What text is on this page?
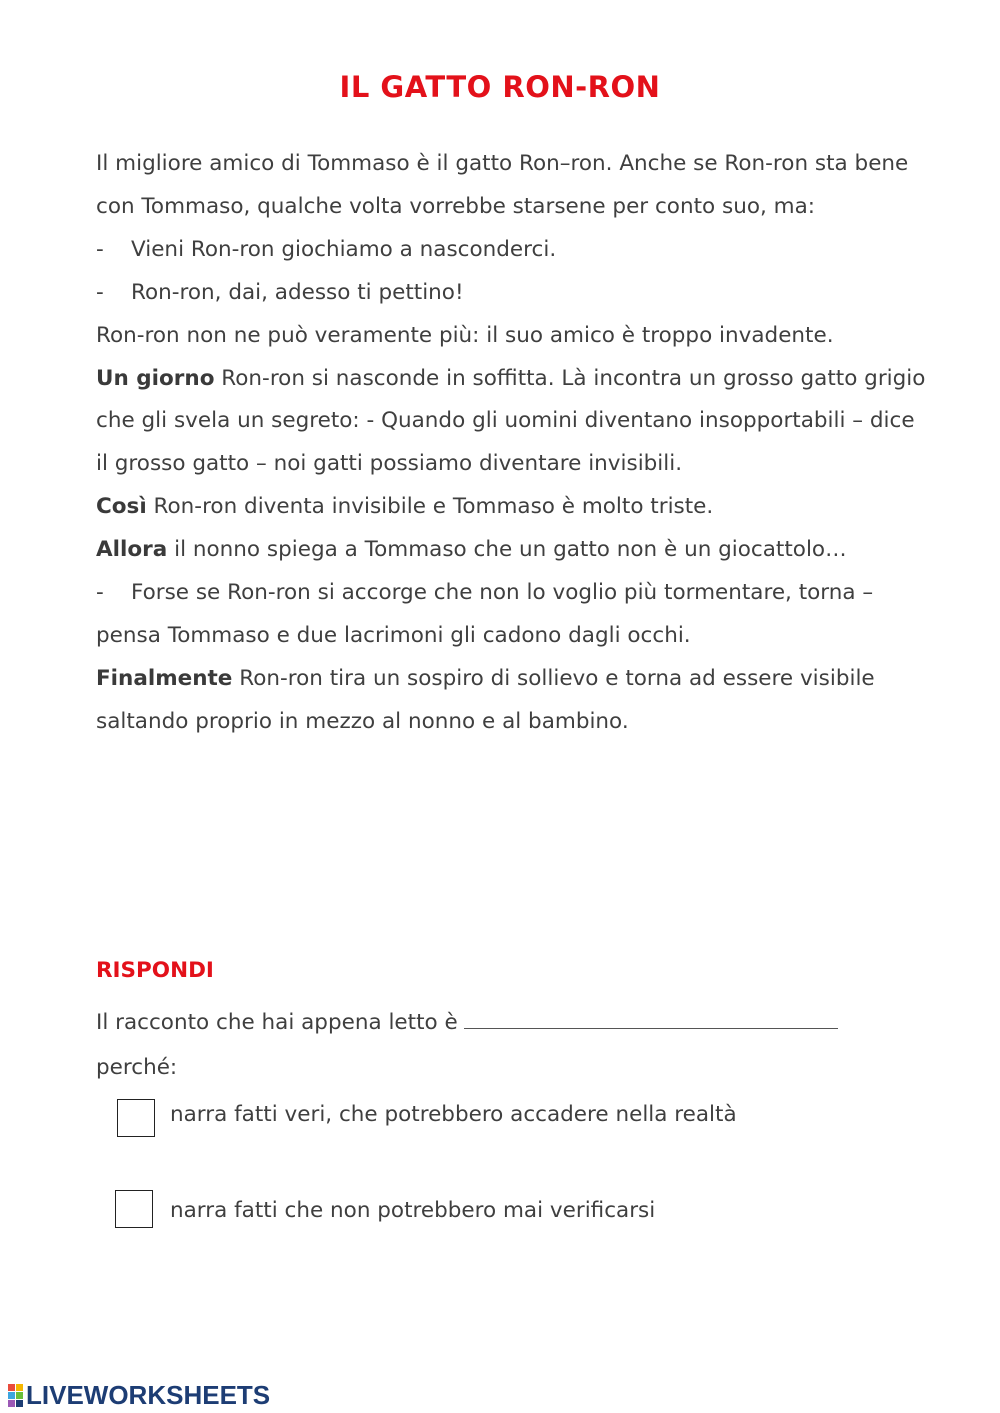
IL GATTO RON-RON

Il migliore amico di Tommaso è il gatto Ron–ron. Anche se Ron-ron sta bene con Tommaso, qualche volta vorrebbe starsene per conto suo, ma:

- Vieni Ron-ron giochiamo a nasconderci.

- Ron-ron, dai, adesso ti pettino!

Ron-ron non ne può veramente più: il suo amico è troppo invadente.

Un giorno Ron-ron si nasconde in soffitta. Là incontra un grosso gatto grigio che gli svela un segreto: - Quando gli uomini diventano insopportabili – dice il grosso gatto – noi gatti possiamo diventare invisibili.

Così Ron-ron diventa invisibile e Tommaso è molto triste.

Allora il nonno spiega a Tommaso che un gatto non è un giocattolo…

- Forse se Ron-ron si accorge che non lo voglio più tormentare, torna – pensa Tommaso e due lacrimoni gli cadono dagli occhi.

Finalmente Ron-ron tira un sospiro di sollievo e torna ad essere visibile saltando proprio in mezzo al nonno e al bambino.

RISPONDI
Il racconto che hai appena letto è
perché:
narra fatti veri, che potrebbero accadere nella realtà
narra fatti che non potrebbero mai verificarsi
LIVEWORKSHEETS
